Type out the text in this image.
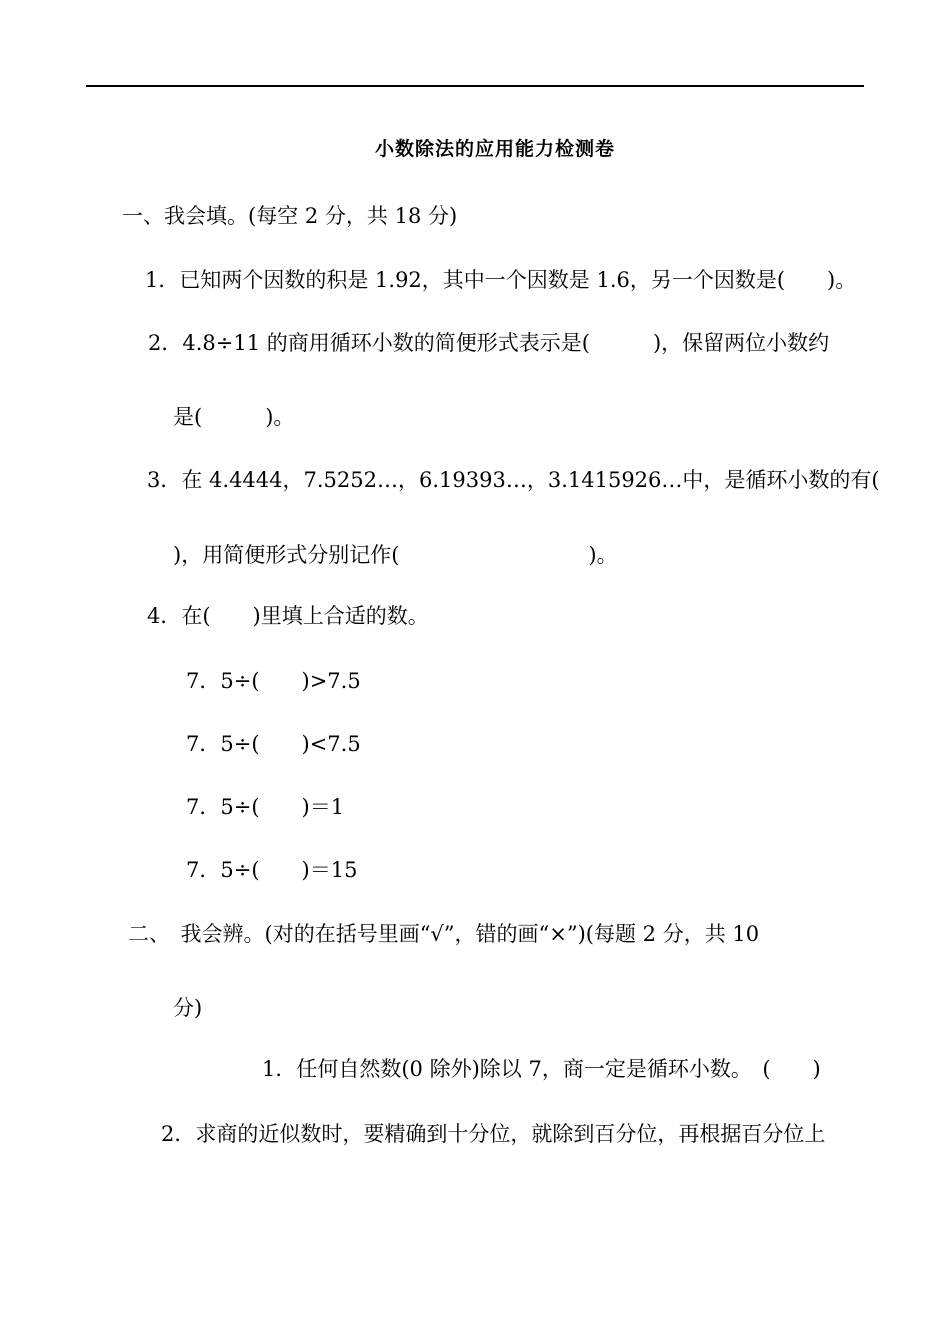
小数除法的应用能力检测卷
一、我会填。(每空 2 分，共 18 分)
1．已知两个因数的积是 1.92，其中一个因数是 1.6，另一个因数是(　　)。
2．4.8÷11 的商用循环小数的简便形式表示是(　　　)，保留两位小数约
是(　　　)。
3．在 4.4444，7.5252…，6.19393…，3.1415926…中，是循环小数的有(
)，用简便形式分别记作(　　　　　　　　　)。
4．在(　　)里填上合适的数。
7．5÷(　　)>7.5
7．5÷(　　)<7.5
7．5÷(　　)＝1
7．5÷(　　)＝15
二、　我会辨。(对的在括号里画“√”，错的画“×”)(每题 2 分，共 10
分)
1．任何自然数(0 除外)除以 7，商一定是循环小数。　(　　)
2．求商的近似数时，要精确到十分位，就除到百分位，再根据百分位上
